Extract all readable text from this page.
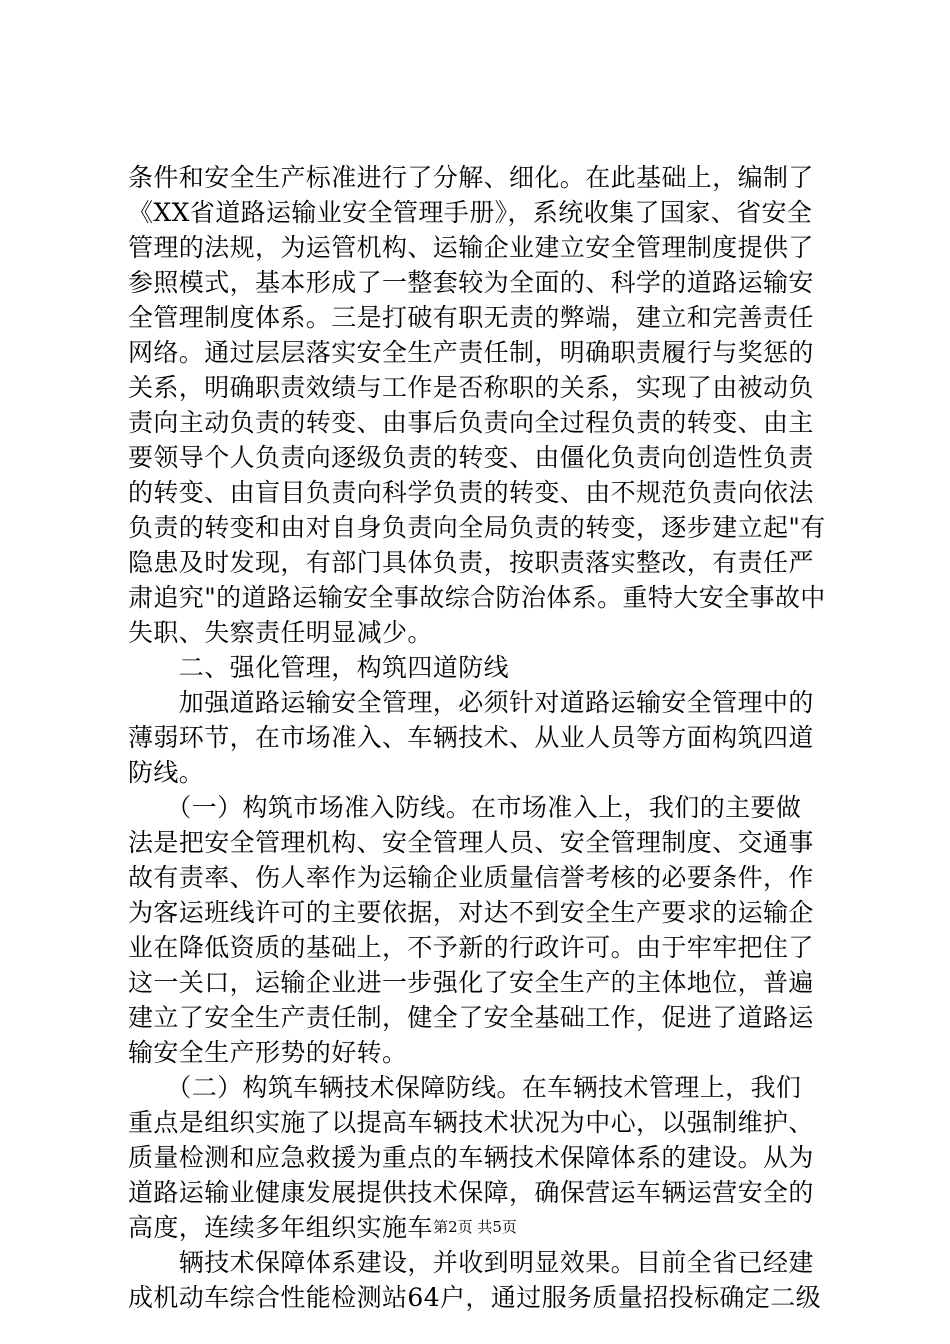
条件和安全生产标准进行了分解、细化。在此基础上，编制了
《XX省道路运输业安全管理手册》，系统收集了国家、省安全
管理的法规，为运管机构、运输企业建立安全管理制度提供了
参照模式，基本形成了一整套较为全面的、科学的道路运输安
全管理制度体系。三是打破有职无责的弊端，建立和完善责任
网络。通过层层落实安全生产责任制，明确职责履行与奖惩的
关系，明确职责效绩与工作是否称职的关系，实现了由被动负
责向主动负责的转变、由事后负责向全过程负责的转变、由主
要领导个人负责向逐级负责的转变、由僵化负责向创造性负责
的转变、由盲目负责向科学负责的转变、由不规范负责向依法
负责的转变和由对自身负责向全局负责的转变，逐步建立起"有
隐患及时发现，有部门具体负责，按职责落实整改，有责任严
肃追究"的道路运输安全事故综合防治体系。重特大安全事故中
失职、失察责任明显减少。
　　二、强化管理，构筑四道防线
　　加强道路运输安全管理，必须针对道路运输安全管理中的
薄弱环节，在市场准入、车辆技术、从业人员等方面构筑四道
防线。
　　（一）构筑市场准入防线。在市场准入上，我们的主要做
法是把安全管理机构、安全管理人员、安全管理制度、交通事
故有责率、伤人率作为运输企业质量信誉考核的必要条件，作
为客运班线许可的主要依据，对达不到安全生产要求的运输企
业在降低资质的基础上，不予新的行政许可。由于牢牢把住了
这一关口，运输企业进一步强化了安全生产的主体地位，普遍
建立了安全生产责任制，健全了安全基础工作，促进了道路运
输安全生产形势的好转。
　　（二）构筑车辆技术保障防线。在车辆技术管理上，我们
重点是组织实施了以提高车辆技术状况为中心，以强制维护、
质量检测和应急救援为重点的车辆技术保障体系的建设。从为
道路运输业健康发展提供技术保障，确保营运车辆运营安全的
高度，连续多年组织实施车
　　辆技术保障体系建设，并收到明显效果。目前全省已经建
成机动车综合性能检测站64户，通过服务质量招投标确定二级
第2页 共5页
